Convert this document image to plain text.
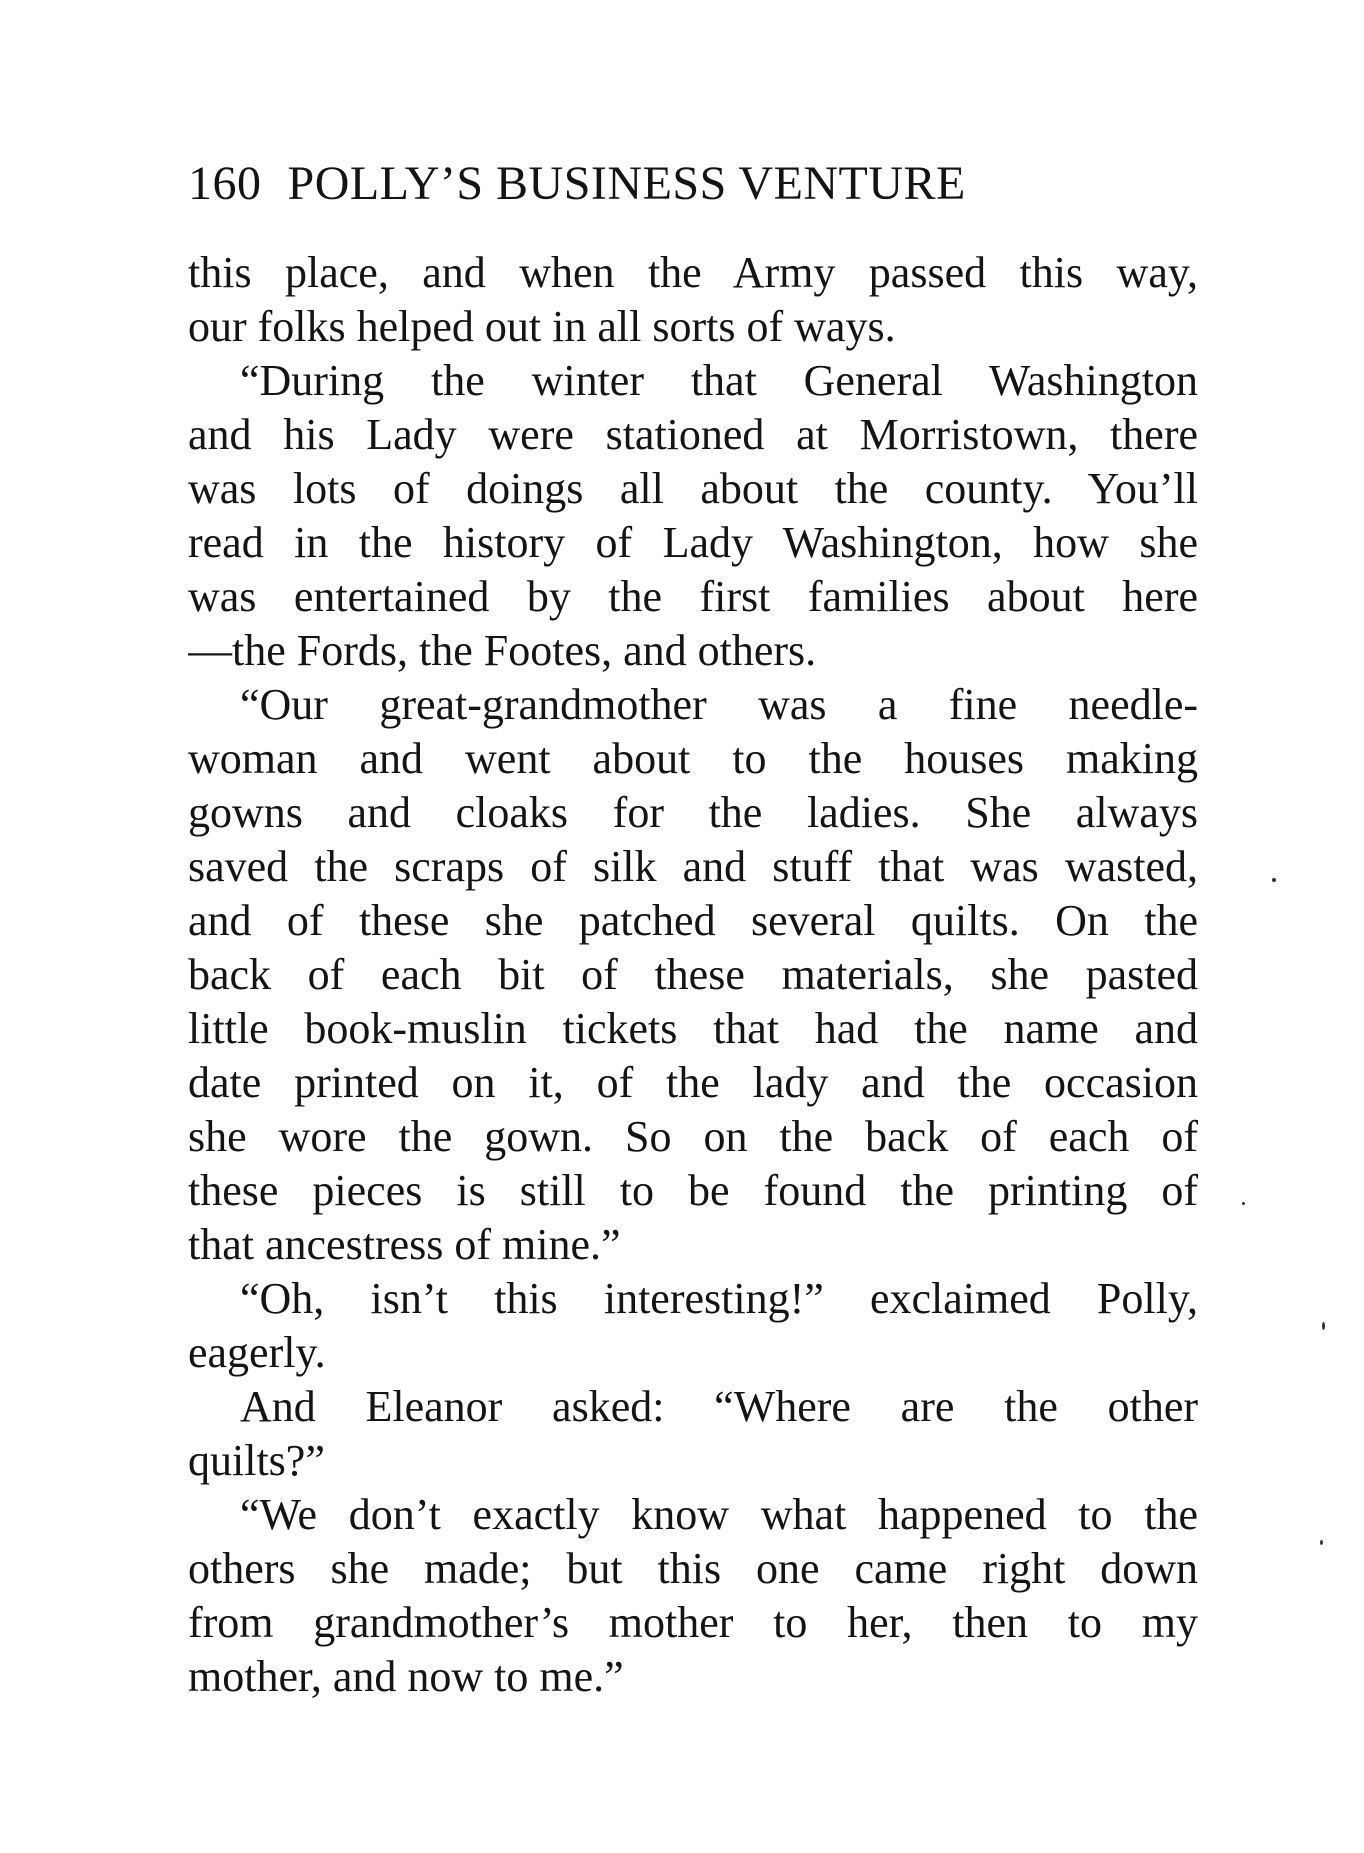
160 POLLY’S BUSINESS VENTURE
this place, and when the Army passed this way,
our folks helped out in all sorts of ways.
“During the winter that General Washington
and his Lady were stationed at Morristown, there
was lots of doings all about the county. You’ll
read in the history of Lady Washington, how she
was entertained by the first families about here
—the Fords, the Footes, and others.
“Our great-grandmother was a fine needle-
woman and went about to the houses making
gowns and cloaks for the ladies. She always
saved the scraps of silk and stuff that was wasted,
and of these she patched several quilts. On the
back of each bit of these materials, she pasted
little book-muslin tickets that had the name and
date printed on it, of the lady and the occasion
she wore the gown. So on the back of each of
these pieces is still to be found the printing of
that ancestress of mine.”
“Oh, isn’t this interesting!” exclaimed Polly,
eagerly.
And Eleanor asked: “Where are the other
quilts?”
“We don’t exactly know what happened to the
others she made; but this one came right down
from grandmother’s mother to her, then to my
mother, and now to me.”
